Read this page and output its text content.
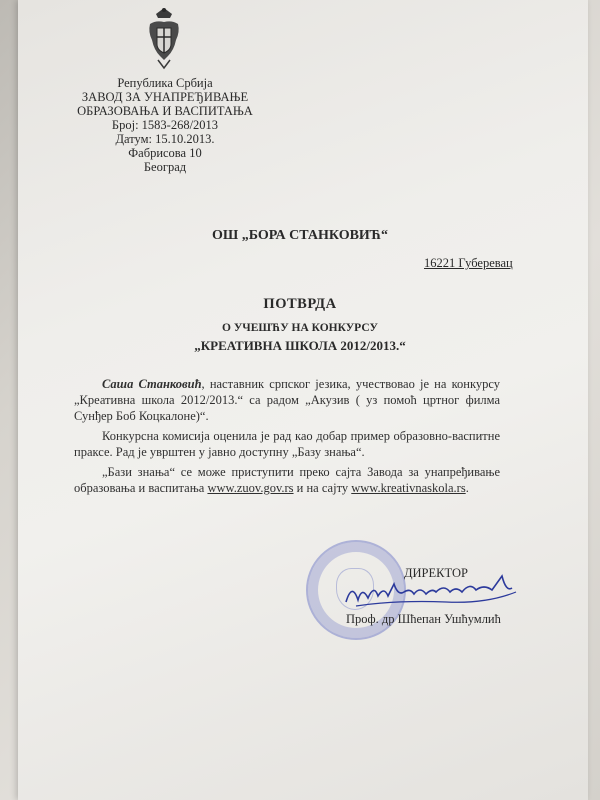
Република Србија
ЗАВОД ЗА УНАПРЕЂИВАЊЕ
ОБРАЗОВАЊА И ВАСПИТАЊА
Број: 1583-268/2013
Датум: 15.10.2013.
Фабрисова 10
Београд
ОШ „БОРА СТАНКОВИЋ“
16221 Губеревац
ПОТВРДА
О УЧЕШЋУ НА КОНКУРСУ
„КРЕАТИВНА ШКОЛА 2012/2013.“

Саша Станковић, наставник српског језика, учествовао је на конкурсу „Креативна школа 2012/2013.“ са радом „Акузив ( уз помоћ цртног филма Сунђер Боб Коцкалоне)“.

Конкурсна комисија оценила је рад као добар пример образовно-васпитне праксе. Рад је уврштен у јавно доступну „Базу знања“.

„Бази знања“ се може приступити преко сајта Завода за унапређивање образовања и васпитања www.zuov.gov.rs и на сајту www.kreativnaskola.rs.

ДИРЕКТОР
Проф. др Шћепан Ушћумлић
